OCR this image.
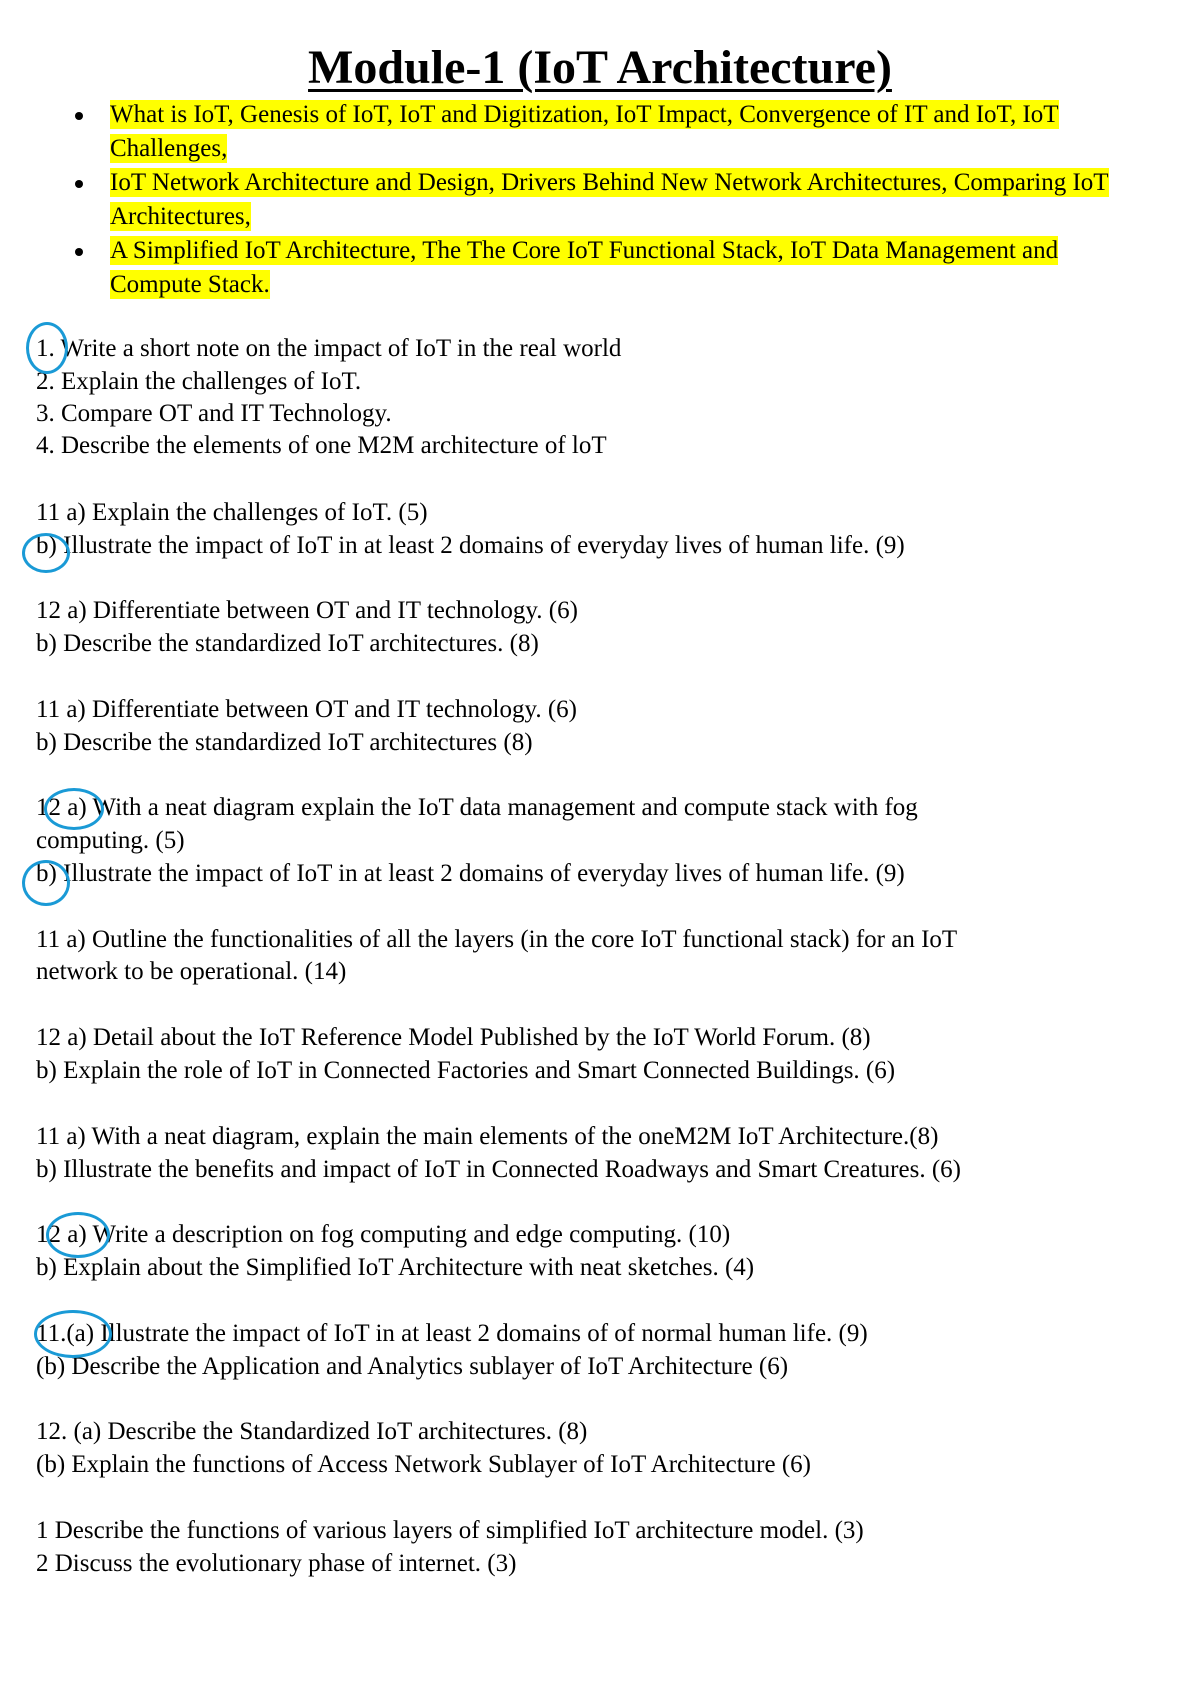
Module-1 (IoT Architecture)
What is IoT, Genesis of IoT, IoT and Digitization, IoT Impact, Convergence of IT and IoT, IoT Challenges,
IoT Network Architecture and Design, Drivers Behind New Network Architectures, Comparing IoT Architectures,
A Simplified IoT Architecture, The The Core IoT Functional Stack, IoT Data Management and Compute Stack.
1. Write a short note on the impact of IoT in the real world
2. Explain the challenges of IoT.
3. Compare OT and IT Technology.
4. Describe the elements of one M2M architecture of loT
11 a) Explain the challenges of IoT. (5)
b) Illustrate the impact of IoT in at least 2 domains of everyday lives of human life. (9)
12 a) Differentiate between OT and IT technology. (6)
b) Describe the standardized IoT architectures. (8)
11 a) Differentiate between OT and IT technology. (6)
b) Describe the standardized IoT architectures (8)
12 a) With a neat diagram explain the IoT data management and compute stack with fog
computing. (5)
b) Illustrate the impact of IoT in at least 2 domains of everyday lives of human life. (9)
11 a) Outline the functionalities of all the layers (in the core IoT functional stack) for an IoT
network to be operational. (14)
12 a) Detail about the IoT Reference Model Published by the IoT World Forum. (8)
b) Explain the role of IoT in Connected Factories and Smart Connected Buildings. (6)
11 a) With a neat diagram, explain the main elements of the oneM2M IoT Architecture.(8)
b) Illustrate the benefits and impact of IoT in Connected Roadways and Smart Creatures. (6)
12 a) Write a description on fog computing and edge computing. (10)
b) Explain about the Simplified IoT Architecture with neat sketches. (4)
11.(a) Illustrate the impact of IoT in at least 2 domains of of normal human life. (9)
(b) Describe the Application and Analytics sublayer of IoT Architecture (6)
12. (a) Describe the Standardized IoT architectures. (8)
(b) Explain the functions of Access Network Sublayer of IoT Architecture (6)
1 Describe the functions of various layers of simplified IoT architecture model. (3)
2 Discuss the evolutionary phase of internet. (3)
